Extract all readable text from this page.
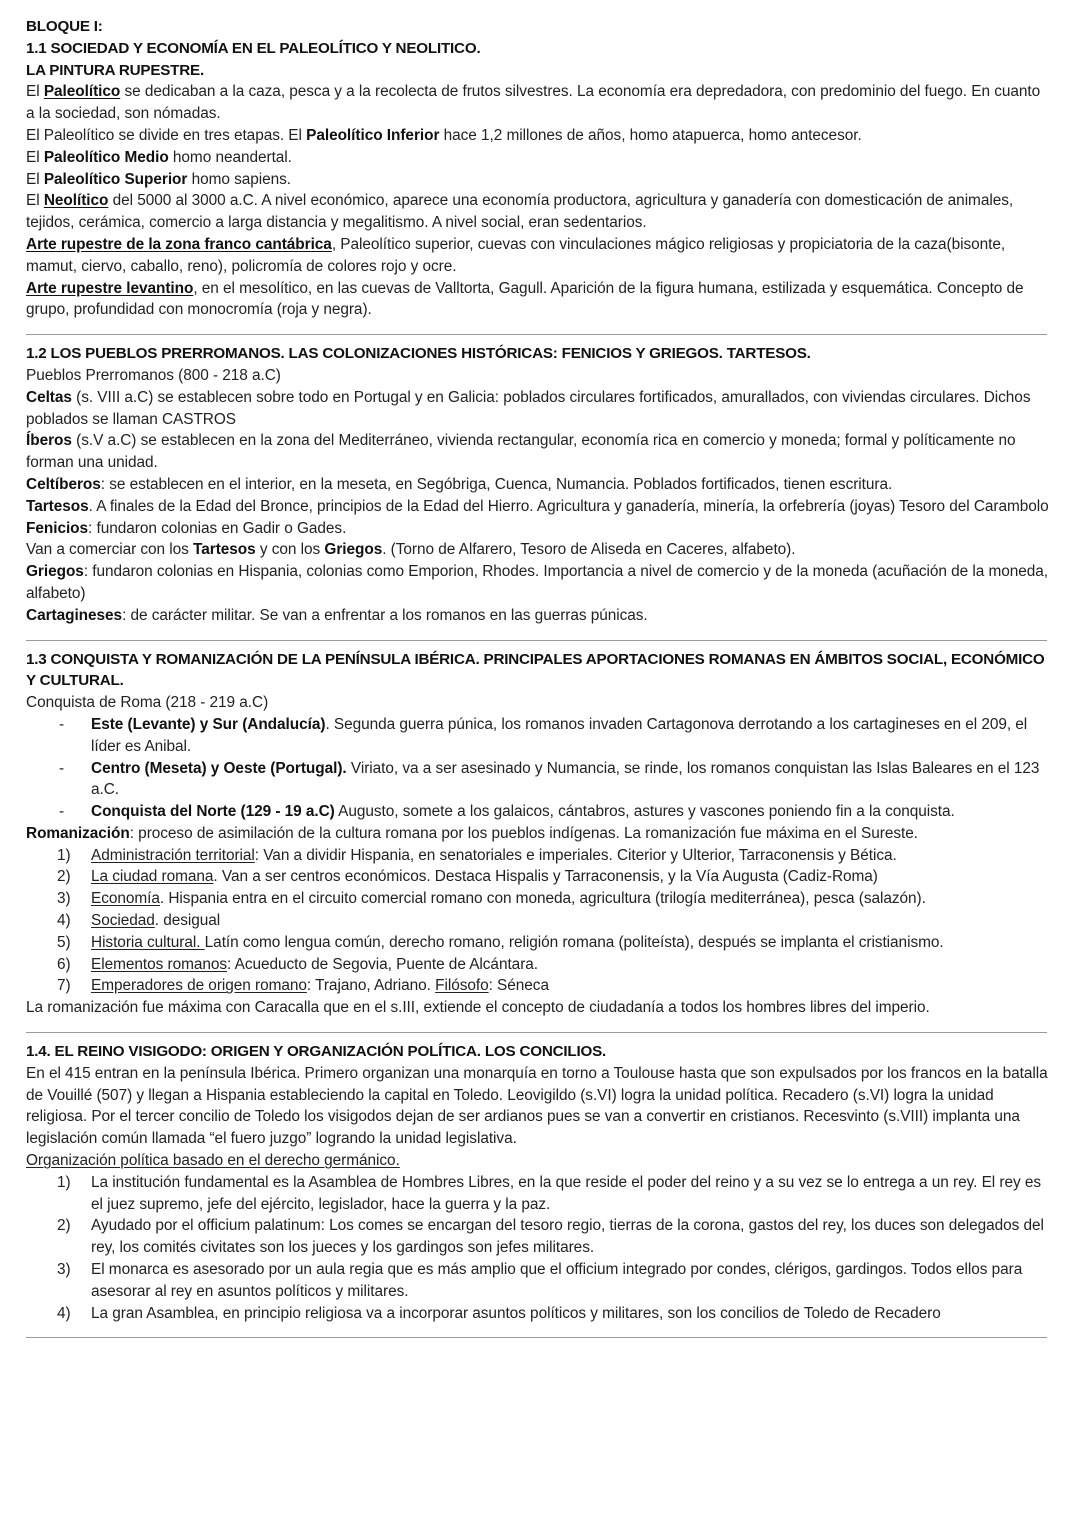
BLOQUE I:

1.1 SOCIEDAD Y ECONOMÍA EN EL PALEOLÍTICO Y NEOLITICO.

LA PINTURA RUPESTRE.

El Paleolítico se dedicaban a la caza, pesca y a la recolecta de frutos silvestres. La economía era depredadora, con predominio del fuego. En cuanto a la sociedad, son nómadas.

El Paleolítico se divide en tres etapas. El Paleolítico Inferior hace 1,2 millones de años, homo atapuerca, homo antecesor.

El Paleolítico Medio homo neandertal.

El Paleolítico Superior homo sapiens.

El Neolítico del 5000 al 3000 a.C. A nivel económico, aparece una economía productora, agricultura y ganadería con domesticación de animales, tejidos, cerámica, comercio a larga distancia y megalitismo. A nivel social, eran sedentarios.

Arte rupestre de la zona franco cantábrica, Paleolítico superior, cuevas con vinculaciones mágico religiosas y propiciatoria de la caza(bisonte, mamut, ciervo, caballo, reno), policromía de colores rojo y ocre.

Arte rupestre levantino, en el mesolítico, en las cuevas de Valltorta, Gagull. Aparición de la figura humana, estilizada y esquemática. Concepto de grupo, profundidad con monocromía (roja y negra).

1.2 LOS PUEBLOS PRERROMANOS. LAS COLONIZACIONES HISTÓRICAS: FENICIOS Y GRIEGOS. TARTESOS.

Pueblos Prerromanos (800 - 218 a.C)

Celtas (s. VIII a.C) se establecen sobre todo en Portugal y en Galicia: poblados circulares fortificados, amurallados, con viviendas circulares. Dichos poblados se llaman CASTROS

Íberos (s.V a.C) se establecen en la zona del Mediterráneo, vivienda rectangular, economía rica en comercio y moneda; formal y políticamente no forman una unidad.

Celtíberos: se establecen en el interior, en la meseta, en Segóbriga, Cuenca, Numancia. Poblados fortificados, tienen escritura.

Tartesos. A finales de la Edad del Bronce, principios de la Edad del Hierro. Agricultura y ganadería, minería, la orfebrería (joyas) Tesoro del Carambolo

Fenicios: fundaron colonias en Gadir o Gades.

Van a comerciar con los Tartesos y con los Griegos. (Torno de Alfarero, Tesoro de Aliseda en Caceres, alfabeto).

Griegos: fundaron colonias en Hispania, colonias como Emporion, Rhodes. Importancia a nivel de comercio y de la moneda (acuñación de la moneda, alfabeto)

Cartagineses: de carácter militar. Se van a enfrentar a los romanos en las guerras púnicas.

1.3 CONQUISTA Y ROMANIZACIÓN DE LA PENÍNSULA IBÉRICA. PRINCIPALES APORTACIONES ROMANAS EN ÁMBITOS SOCIAL, ECONÓMICO Y CULTURAL.

Conquista de Roma (218 - 219 a.C)

- Este (Levante) y Sur (Andalucía). Segunda guerra púnica, los romanos invaden Cartagonova derrotando a los cartagineses en el 209, el líder es Anibal.
- Centro (Meseta) y Oeste (Portugal). Viriato, va a ser asesinado y Numancia, se rinde, los romanos conquistan las Islas Baleares en el 123 a.C.
- Conquista del Norte (129 - 19 a.C) Augusto, somete a los galaicos, cántabros, astures y vascones poniendo fin a la conquista.

Romanización: proceso de asimilación de la cultura romana por los pueblos indígenas. La romanización fue máxima en el Sureste.

1) Administración territorial: Van a dividir Hispania, en senatoriales e imperiales. Citerior y Ulterior, Tarraconensis y Bética.
2) La ciudad romana. Van a ser centros económicos. Destaca Hispalis y Tarraconensis, y la Vía Augusta (Cadiz-Roma)
3) Economía. Hispania entra en el circuito comercial romano con moneda, agricultura (trilogía mediterránea), pesca (salazón).
4) Sociedad. desigual
5) Historia cultural. Latín como lengua común, derecho romano, religión romana (politeísta), después se implanta el cristianismo.
6) Elementos romanos: Acueducto de Segovia, Puente de Alcántara.
7) Emperadores de origen romano: Trajano, Adriano. Filósofo: Séneca

La romanización fue máxima con Caracalla que en el s.III, extiende el concepto de ciudadanía a todos los hombres libres del imperio.

1.4. EL REINO VISIGODO: ORIGEN Y ORGANIZACIÓN POLÍTICA. LOS CONCILIOS.

En el 415 entran en la península Ibérica. Primero organizan una monarquía en torno a Toulouse hasta que son expulsados por los francos en la batalla de Vouillé (507) y llegan a Hispania estableciendo la capital en Toledo. Leovigildo (s.VI) logra la unidad política. Recadero (s.VI) logra la unidad religiosa. Por el tercer concilio de Toledo los visigodos dejan de ser ardianos pues se van a convertir en cristianos. Recesvinto (s.VIII) implanta una legislación común llamada “el fuero juzgo” logrando la unidad legislativa.

Organización política basado en el derecho germánico.

1) La institución fundamental es la Asamblea de Hombres Libres, en la que reside el poder del reino y a su vez se lo entrega a un rey. El rey es el juez supremo, jefe del ejército, legislador, hace la guerra y la paz.
2) Ayudado por el officium palatinum: Los comes se encargan del tesoro regio, tierras de la corona, gastos del rey, los duces son delegados del rey, los comités civitates son los jueces y los gardingos son jefes militares.
3) El monarca es asesorado por un aula regia que es más amplio que el officium integrado por condes, clérigos, gardingos. Todos ellos para asesorar al rey en asuntos políticos y militares.
4) La gran Asamblea, en principio religiosa va a incorporar asuntos políticos y militares, son los concilios de Toledo de Recadero
